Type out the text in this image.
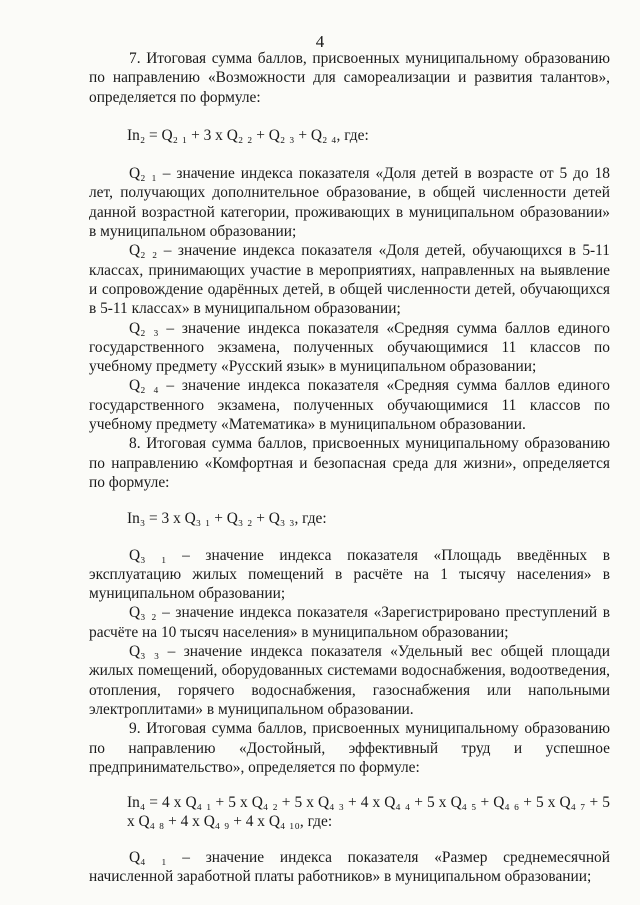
4

7. Итоговая сумма баллов, присвоенных муниципальному образованию по направлению «Возможности для самореализации и развития талантов», определяется по формуле:

In₂ = Q₂ ₁ + 3 x Q₂ ₂ + Q₂ ₃ + Q₂ ₄, где:

Q₂ ₁ – значение индекса показателя «Доля детей в возрасте от 5 до 18 лет, получающих дополнительное образование, в общей численности детей данной возрастной категории, проживающих в муниципальном образовании» в муниципальном образовании;

Q₂ ₂ – значение индекса показателя «Доля детей, обучающихся в 5-11 классах, принимающих участие в мероприятиях, направленных на выявление и сопровождение одарённых детей, в общей численности детей, обучающихся в 5-11 классах» в муниципальном образовании;

Q₂ ₃ – значение индекса показателя «Средняя сумма баллов единого государственного экзамена, полученных обучающимися 11 классов по учебному предмету «Русский язык» в муниципальном образовании;

Q₂ ₄ – значение индекса показателя «Средняя сумма баллов единого государственного экзамена, полученных обучающимися 11 классов по учебному предмету «Математика» в муниципальном образовании.

8. Итоговая сумма баллов, присвоенных муниципальному образованию по направлению «Комфортная и безопасная среда для жизни», определяется по формуле:

In₃ = 3 x Q₃ ₁ + Q₃ ₂ + Q₃ ₃, где:

Q₃ ₁ – значение индекса показателя «Площадь введённых в эксплуатацию жилых помещений в расчёте на 1 тысячу населения» в муниципальном образовании;

Q₃ ₂ – значение индекса показателя «Зарегистрировано преступлений в расчёте на 10 тысяч населения» в муниципальном образовании;

Q₃ ₃ – значение индекса показателя «Удельный вес общей площади жилых помещений, оборудованных системами водоснабжения, водоотведения, отопления, горячего водоснабжения, газоснабжения или напольными электроплитами» в муниципальном образовании.

9. Итоговая сумма баллов, присвоенных муниципальному образованию по направлению «Достойный, эффективный труд и успешное предпринимательство», определяется по формуле:

In₄ = 4 x Q₄ ₁ + 5 x Q₄ ₂ + 5 x Q₄ ₃ + 4 x Q₄ ₄ + 5 x Q₄ ₅ + Q₄ ₆ + 5 x Q₄ ₇ + 5 x Q₄ ₈ + 4 x Q₄ ₉ + 4 x Q₄ ₁₀, где:

Q₄ ₁ – значение индекса показателя «Размер среднемесячной начисленной заработной платы работников» в муниципальном образовании;
